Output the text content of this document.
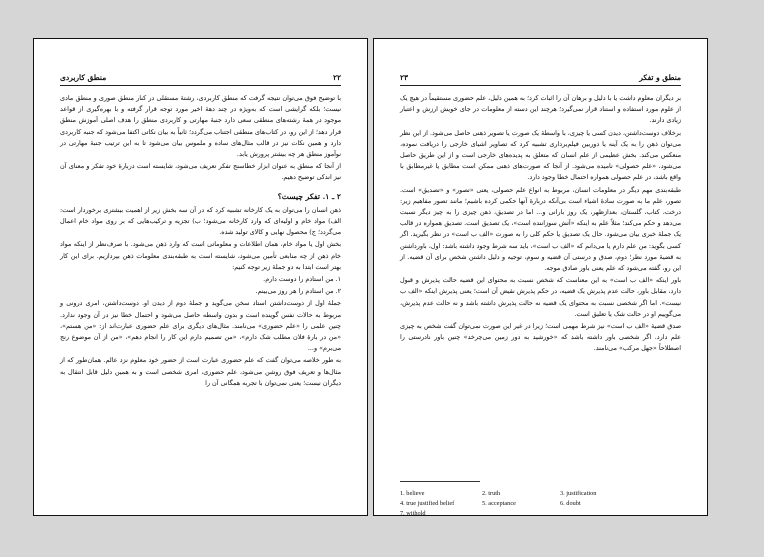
۲۲
منطق کاربردی

با توضیح فوق می‌توان نتیجه گرفت که منطق کاربردی، رشتهٔ مستقلی در کنار منطق صوری و منطق مادی نیست؛ بلکه گرایشی است که به‌ویژه در چند دههٔ اخیر مورد توجه قرار گرفته و با بهره‌گیری از قواعد موجود در همهٔ رشته‌های منطقی سعی دارد جنبهٔ مهارتی و کاربردی منطق را هدف اصلی آموزش منطق قرار دهد؛ از این رو، در کتاب‌های منطقی اجتناب می‌گردد؛ ثانیاً به بیان نکاتی اکتفا می‌شود که جنبه کاربردی دارد و همین نکات نیز در قالب مثال‌های ساده و ملموس بیان می‌شود تا به این ترتیب جنبهٔ مهارتی در نوآموز منطق هر چه بیشتر پرورش یابد.

از آنجا که منطق به عنوان ابزار خطاسنج تفکر تعریف می‌شود، شایسته است دربارهٔ خود تفکر و معنای آن نیز اندکی توضیح دهیم.

۲ ـ ۱. تفکر چیست؟

ذهن انسان را می‌توان به یک کارخانه تشبیه کرد که در آن سه بخش زیر از اهمیت بیشتری برخوردار است: الف) مواد خام و اولیه‌ای که وارد کارخانه می‌شود؛ ب) تجزیه و ترکیب‌هایی که بر روی مواد خام اعمال می‌گردد؛ ج) محصول نهایی و کالای تولید شده.

بخش اول یا مواد خام، همان اطلاعات و معلوماتی است که وارد ذهن می‌شود. با صرف‌نظر از اینکه مواد خام ذهن از چه منابعی تأمین می‌شود، شایسته است به طبقه‌بندی معلومات ذهن بپردازیم. برای این کار بهتر است ابتدا به دو جملهٔ زیر توجه کنیم:

۱. من استادم را دوست دارم.

۲. من استادم را هر روز می‌بینم.

جملهٔ اول از دوست‌داشتن استاد سخن می‌گوید و جملهٔ دوم از دیدن او. دوست‌داشتن، امری درونی و مربوط به حالات نفس گوینده است و بدون واسطه حاصل می‌شود و احتمال خطا نیز در آن وجود ندارد. چنین علمی را «علم حضوری» می‌نامند. مثال‌های دیگری برای علم حضوری عبارت‌اند از: «من هستم»، «من در بارهٔ فلان مطلب شک دارم»، «من تصمیم دارم این کار را انجام دهم»، «من از آن موضوع رنج می‌برم» و...

به طور خلاصه می‌توان گفت که علم حضوری عبارت است از حضور خود معلوم نزد عالم. همان‌طور که از مثال‌ها و تعریف فوق روشن می‌شود، علم حضوری، امری شخصی است و به همین دلیل قابل انتقال به دیگران نیست؛ یعنی نمی‌توان با تجربه همگانی آن را

۲۳	منطق و تفکر

بر دیگران معلوم داشت یا با دلیل و برهان آن را اثبات کرد؛ به همین دلیل، علم حضوری مستقیماً در هیچ یک از علوم مورد استفاده و استناد قرار نمی‌گیرد؛ هرچند این دسته از معلومات در جای خویش ارزش و اعتبار زیادی دارند.

برخلاف دوست‌داشتن، دیدن کسی یا چیزی، با واسطهٔ یک صورت یا تصویر ذهنی حاصل می‌شود. از این نظر می‌توان ذهن را به یک آینه یا دوربین فیلم‌برداری تشبیه کرد که تصاویر اشیای خارجی را دریافت نموده، منعکس می‌کند. بخش عظیمی از علم انسان که متعلق به پدیده‌های خارجی است و از این طریق حاصل می‌شود، «علم حصولی» نامیده می‌شود. از آنجا که صورت‌های ذهنی ممکن است مطابق یا غیرمطابق با واقع باشد، در علم حصولی همواره احتمال خطا وجود دارد.

طبقه‌بندی مهم دیگر در معلومات انسان، مربوط به انواع علم حصولی، یعنی «تصور» و «تصدیق» است. تصور، علم ما به صورت سادهٔ اشیاء است بی‌آنکه دربارهٔ آنها حکمی کرده باشیم؛ مانند تصور مفاهیم زیر: درخت، کتاب، گلستان، بعدازظهر، یک روز بارانی و... اما در تصدیق، ذهن چیزی را به چیز دیگر نسبت می‌دهد و حکم می‌کند؛ مثلاً علم به اینکه «آتش سوزاننده است»، یک تصدیق است. تصدیق همواره در قالب یک جملهٔ خبری بیان می‌شود. حال یک تصدیق یا حکم کلی را به صورت «الف ب است» در نظر بگیرید. اگر کسی بگوید: من علم دارم یا می‌دانم که «الف ب است»، باید سه شرط وجود داشته باشد: اول، باورداشتن به قضیهٔ مورد نظر؛ دوم، صدق و درستی آن قضیه و سوم، توجیه و دلیل داشتن شخص برای آن قضیه. از این رو، گفته می‌شود که علم یعنی باور صادق موجه.

باور اینکه «الف ب است» به این معناست که شخص نسبت به محتوای این قضیه حالت پذیرش و قبول دارد، مقابل باور، حالت عدم پذیرش یک قضیه، در حکم پذیرش نقیض آن است؛ یعنی پذیرش اینکه «الف ب نیست». اما اگر شخصی نسبت به محتوای یک قضیه نه حالت پذیرش داشته باشد و نه حالت عدم پذیرش، می‌گوییم او در حالت شک یا تعلیق است.

صدق قضیهٔ «الف ب است» نیز شرط مهمی است؛ زیرا در غیر این صورت نمی‌توان گفت شخص به چیزی علم دارد. اگر شخصی باور داشته باشد که «خورشید به دور زمین می‌چرخد» چنین باور نادرستی را اصطلاحاً «جهل مرکب» می‌نامند.

1. believe	2. truth	3. justification
4. true justified belief	5. acceptance	6. doubt
7. withold
